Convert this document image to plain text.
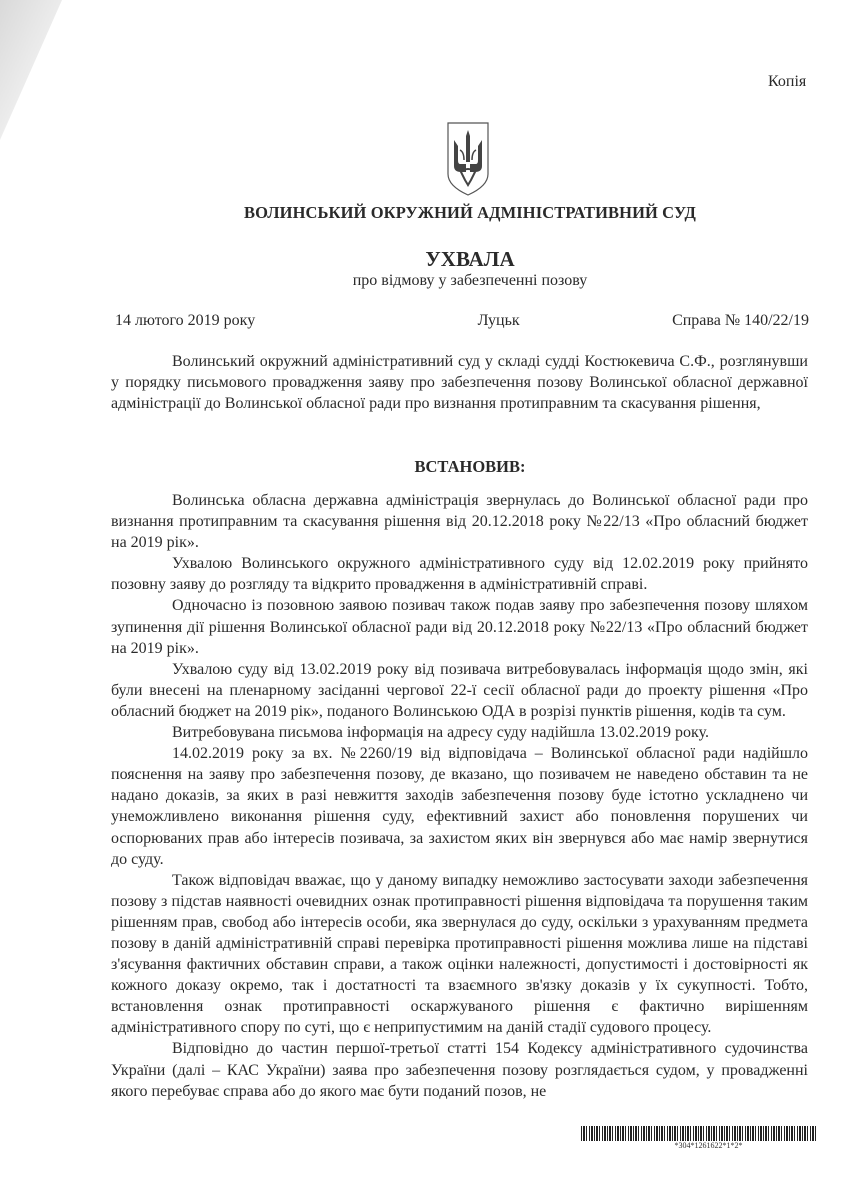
Копія
ВОЛИНСЬКИЙ ОКРУЖНИЙ АДМІНІСТРАТИВНИЙ СУД
УХВАЛА
про відмову у забезпеченні позову
14 лютого 2019 року	Луцьк	Справа № 140/22/19

Волинський окружний адміністративний суд у складі судді Костюкевича С.Ф., розглянувши у порядку письмового провадження заяву про забезпечення позову Волинської обласної державної адміністрації до Волинської обласної ради про визнання протиправним та скасування рішення,

ВСТАНОВИВ:

Волинська обласна державна адміністрація звернулась до Волинської обласної ради про визнання протиправним та скасування рішення від 20.12.2018 року №22/13 «Про обласний бюджет на 2019 рік».

Ухвалою Волинського окружного адміністративного суду від 12.02.2019 року прийнято позовну заяву до розгляду та відкрито провадження в адміністративній справі.

Одночасно із позовною заявою позивач також подав заяву про забезпечення позову шляхом зупинення дії рішення Волинської обласної ради від 20.12.2018 року №22/13 «Про обласний бюджет на 2019 рік».

Ухвалою суду від 13.02.2019 року від позивача витребовувалась інформація щодо змін, які були внесені на пленарному засіданні чергової 22-ї сесії обласної ради до проекту рішення «Про обласний бюджет на 2019 рік», поданого Волинською ОДА в розрізі пунктів рішення, кодів та сум.

Витребовувана письмова інформація на адресу суду надійшла 13.02.2019 року.

14.02.2019 року за вх. №2260/19 від відповідача – Волинської обласної ради надійшло пояснення на заяву про забезпечення позову, де вказано, що позивачем не наведено обставин та не надано доказів, за яких в разі невжиття заходів забезпечення позову буде істотно ускладнено чи унеможливлено виконання рішення суду, ефективний захист або поновлення порушених чи оспорюваних прав або інтересів позивача, за захистом яких він звернувся або має намір звернутися до суду.

Також відповідач вважає, що у даному випадку неможливо застосувати заходи забезпечення позову з підстав наявності очевидних ознак протиправності рішення відповідача та порушення таким рішенням прав, свобод або інтересів особи, яка звернулася до суду, оскільки з урахуванням предмета позову в даній адміністративній справі перевірка протиправності рішення можлива лише на підставі з'ясування фактичних обставин справи, а також оцінки належності, допустимості і достовірності як кожного доказу окремо, так і достатності та взаємного зв'язку доказів у їх сукупності. Тобто, встановлення ознак протиправності оскаржуваного рішення є фактично вирішенням адміністративного спору по суті, що є неприпустимим на даній стадії судового процесу.

Відповідно до частин першої-третьої статті 154 Кодексу адміністративного судочинства України (далі – КАС України) заява про забезпечення позову розглядається судом, у провадженні якого перебуває справа або до якого має бути поданий позов, не

*304*1261622*1*2*
